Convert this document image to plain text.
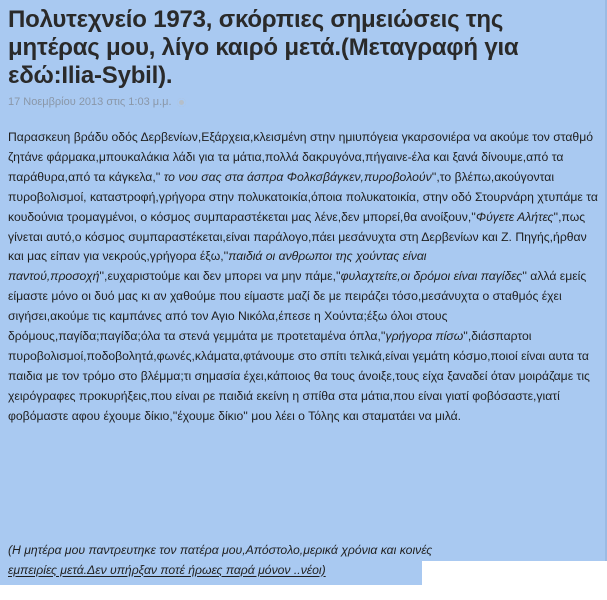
Πολυτεχνείο 1973, σκόρπιες σημειώσεις της μητέρας μου, λίγο καιρό μετά.(Μεταγραφή για εδώ:Ilia-Sybil).
17 Νοεμβρίου 2013 στις 1:03 μ.μ.

Παρασκευη βράδυ οδός Δερβενίων,Εξάρχεια,κλεισμένη στην ημιυπόγεια γκαρσονιέρα να ακούμε τον σταθμό ζητάνε φάρμακα,μπουκαλάκια λάδι για τα μάτια,πολλά δακρυγόνα,πήγαινε-έλα και ξανά δίνουμε,από τα παράθυρα,από τα κάγκελα,'' το νου σας στα άσπρα Φολκσβάγκεν,πυροβολούν'',το βλέπω,ακούγονται πυροβολισμοί, καταστροφή,γρήγορα στην πολυκατοικία,όποια πολυκατοικία, στην οδό Στουρνάρη χτυπάμε τα κουδούνια τρομαγμένοι, ο κόσμος συμπαραστέκεται μας λένε,δεν μπορεί,θα ανοίξουν,''Φύγετε Αλήτες'',πως γίνεται αυτό,ο κόσμος συμπαραστέκεται,είναι παράλογο,πάει μεσάνυχτα στη Δερβενίων και Ζ. Πηγής,ήρθαν και μας είπαν για νεκρούς,γρήγορα έξω,''παιδιά οι ανθρωποι της χούντας είναι παντού,προσοχή'',ευχαριστούμε και δεν μπορει να μην πάμε,''φυλαχτείτε,οι δρόμοι είναι παγίδες'' αλλά εμείς είμαστε μόνο οι δυό μας κι αν χαθούμε που είμαστε μαζί δε με πειράζει τόσο,μεσάνυχτα ο σταθμός έχει σιγήσει,ακούμε τις καμπάνες από τον Αγιο Νικόλα,έπεσε η Χούντα;έξω όλοι στους δρόμους,παγίδα;παγίδα;όλα τα στενά γεμμάτα με προτεταμένα όπλα,''γρήγορα πίσω'',διάσπαρτοι πυροβολισμοί,ποδοβολητά,φωνές,κλάματα,φτάνουμε στο σπίτι τελικά,είναι γεμάτη κόσμο,ποιοί είναι αυτα τα παιδια με τον τρόμο στο βλέμμα;τι σημασία έχει,κάποιος θα τους άνοιξε,τους είχα ξαναδεί όταν μοιράζαμε τις χειρόγραφες προκυρήξεις,που είναι ρε παιδιά εκείνη η σπίθα στα μάτια,που είναι γιατί φοβόσαστε,γιατί φοβόμαστε αφου έχουμε δίκιο,''έχουμε δίκιο'' μου λέει ο Τόλης και σταματάει να μιλά.

(Η μητέρα μου παντρευτηκε τον πατέρα μου,Απόστολο,μερικά χρόνια και κοινές
εμπειρίες μετά.Δεν υπήρξαν ποτέ ήρωες παρά μόνον ..νέοι)
